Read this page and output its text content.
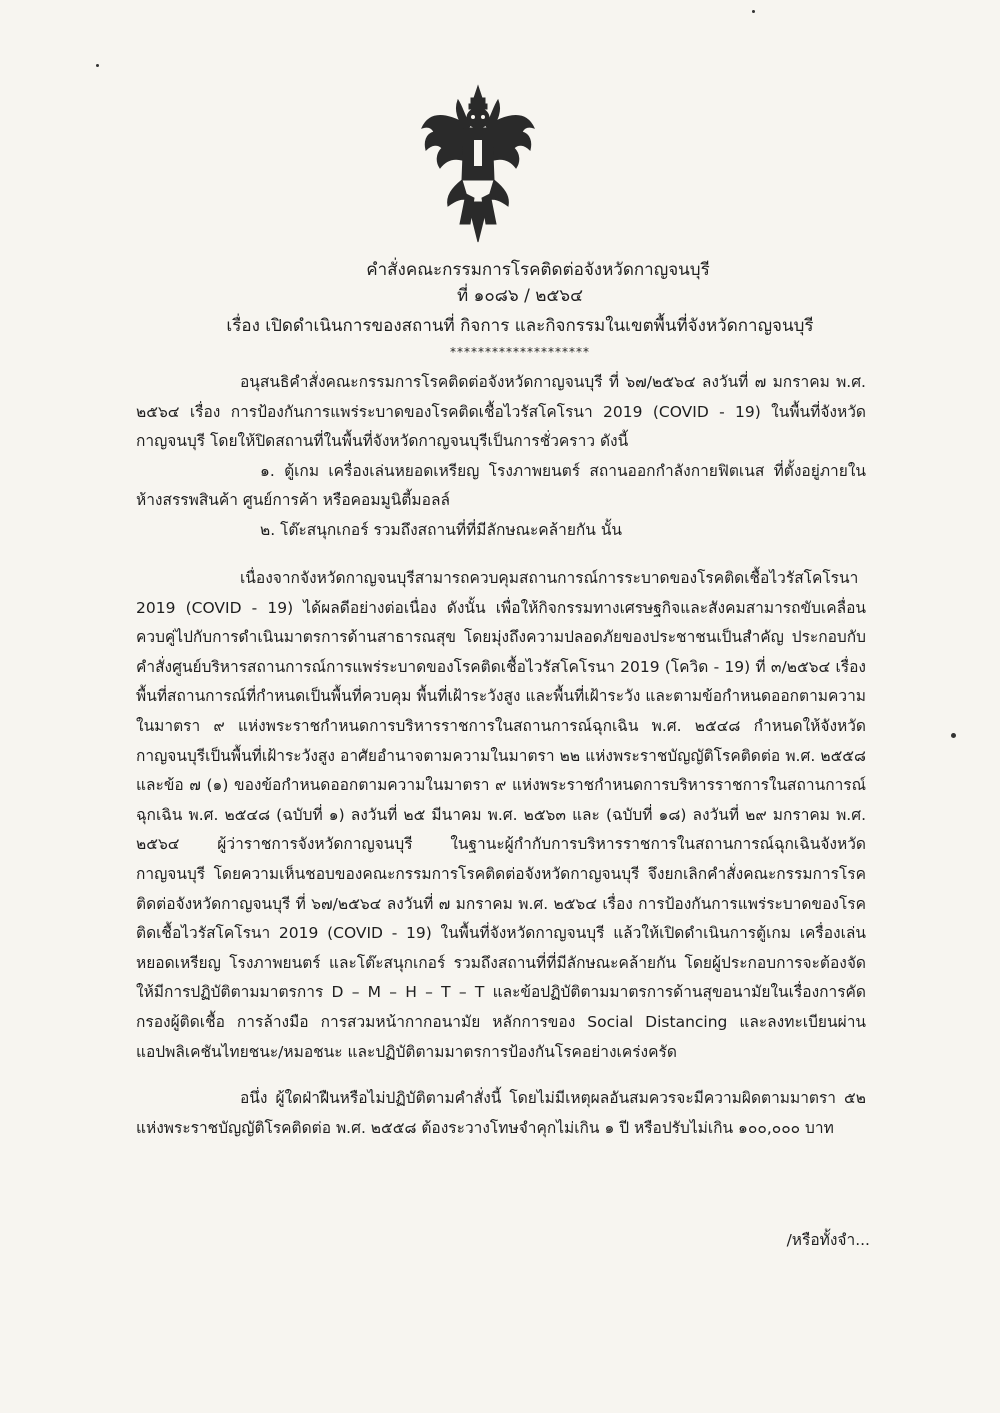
คำสั่งคณะกรรมการโรคติดต่อจังหวัดกาญจนบุรี
ที่ ๑๐๘๖ / ๒๕๖๔
เรื่อง เปิดดำเนินการของสถานที่ กิจการ และกิจกรรมในเขตพื้นที่จังหวัดกาญจนบุรี
********************
อนุสนธิคำสั่งคณะกรรมการโรคติดต่อจังหวัดกาญจนบุรี ที่ ๖๗/๒๕๖๔ ลงวันที่ ๗ มกราคม พ.ศ. ๒๕๖๔ เรื่อง การป้องกันการแพร่ระบาดของโรคติดเชื้อไวรัสโคโรนา 2019 (COVID - 19) ในพื้นที่จังหวัดกาญจนบุรี โดยให้ปิดสถานที่ในพื้นที่จังหวัดกาญจนบุรีเป็นการชั่วคราว ดังนี้
๑. ตู้เกม เครื่องเล่นหยอดเหรียญ โรงภาพยนตร์ สถานออกกำลังกายฟิตเนส ที่ตั้งอยู่ภายในห้างสรรพสินค้า ศูนย์การค้า หรือคอมมูนิตี้มอลล์
๒. โต๊ะสนุกเกอร์ รวมถึงสถานที่ที่มีลักษณะคล้ายกัน นั้น
เนื่องจากจังหวัดกาญจนบุรีสามารถควบคุมสถานการณ์การระบาดของโรคติดเชื้อไวรัสโคโรนา 2019 (COVID - 19) ได้ผลดีอย่างต่อเนื่อง ดังนั้น เพื่อให้กิจกรรมทางเศรษฐกิจและสังคมสามารถขับเคลื่อนควบคู่ไปกับการดำเนินมาตรการด้านสาธารณสุข โดยมุ่งถึงความปลอดภัยของประชาชนเป็นสำคัญ ประกอบกับคำสั่งศูนย์บริหารสถานการณ์การแพร่ระบาดของโรคติดเชื้อไวรัสโคโรนา 2019 (โควิด - 19) ที่ ๓/๒๕๖๔ เรื่อง พื้นที่สถานการณ์ที่กำหนดเป็นพื้นที่ควบคุม พื้นที่เฝ้าระวังสูง และพื้นที่เฝ้าระวัง และตามข้อกำหนดออกตามความในมาตรา ๙ แห่งพระราชกำหนดการบริหารราชการในสถานการณ์ฉุกเฉิน พ.ศ. ๒๕๔๘ กำหนดให้จังหวัดกาญจนบุรีเป็นพื้นที่เฝ้าระวังสูง อาศัยอำนาจตามความในมาตรา ๒๒ แห่งพระราชบัญญัติโรคติดต่อ พ.ศ. ๒๕๕๘ และข้อ ๗ (๑) ของข้อกำหนดออกตามความในมาตรา ๙ แห่งพระราชกำหนดการบริหารราชการในสถานการณ์ฉุกเฉิน พ.ศ. ๒๕๔๘ (ฉบับที่ ๑) ลงวันที่ ๒๕ มีนาคม พ.ศ. ๒๕๖๓ และ (ฉบับที่ ๑๘) ลงวันที่ ๒๙ มกราคม พ.ศ. ๒๕๖๔ ผู้ว่าราชการจังหวัดกาญจนบุรี ในฐานะผู้กำกับการบริหารราชการในสถานการณ์ฉุกเฉินจังหวัดกาญจนบุรี โดยความเห็นชอบของคณะกรรมการโรคติดต่อจังหวัดกาญจนบุรี จึงยกเลิกคำสั่งคณะกรรมการโรคติดต่อจังหวัดกาญจนบุรี ที่ ๖๗/๒๕๖๔ ลงวันที่ ๗ มกราคม พ.ศ. ๒๕๖๔ เรื่อง การป้องกันการแพร่ระบาดของโรคติดเชื้อไวรัสโคโรนา 2019 (COVID - 19) ในพื้นที่จังหวัดกาญจนบุรี แล้วให้เปิดดำเนินการตู้เกม เครื่องเล่นหยอดเหรียญ โรงภาพยนตร์ และโต๊ะสนุกเกอร์ รวมถึงสถานที่ที่มีลักษณะคล้ายกัน โดยผู้ประกอบการจะต้องจัดให้มีการปฏิบัติตามมาตรการ D – M – H – T – T และข้อปฏิบัติตามมาตรการด้านสุขอนามัยในเรื่องการคัดกรองผู้ติดเชื้อ การล้างมือ การสวมหน้ากากอนามัย หลักการของ Social Distancing และลงทะเบียนผ่านแอปพลิเคชันไทยชนะ/หมอชนะ และปฏิบัติตามมาตรการป้องกันโรคอย่างเคร่งครัด
อนึ่ง ผู้ใดฝ่าฝืนหรือไม่ปฏิบัติตามคำสั่งนี้ โดยไม่มีเหตุผลอันสมควรจะมีความผิดตามมาตรา ๕๒ แห่งพระราชบัญญัติโรคติดต่อ พ.ศ. ๒๕๕๘ ต้องระวางโทษจำคุกไม่เกิน ๑ ปี หรือปรับไม่เกิน ๑๐๐,๐๐๐ บาท
/หรือทั้งจำ...
